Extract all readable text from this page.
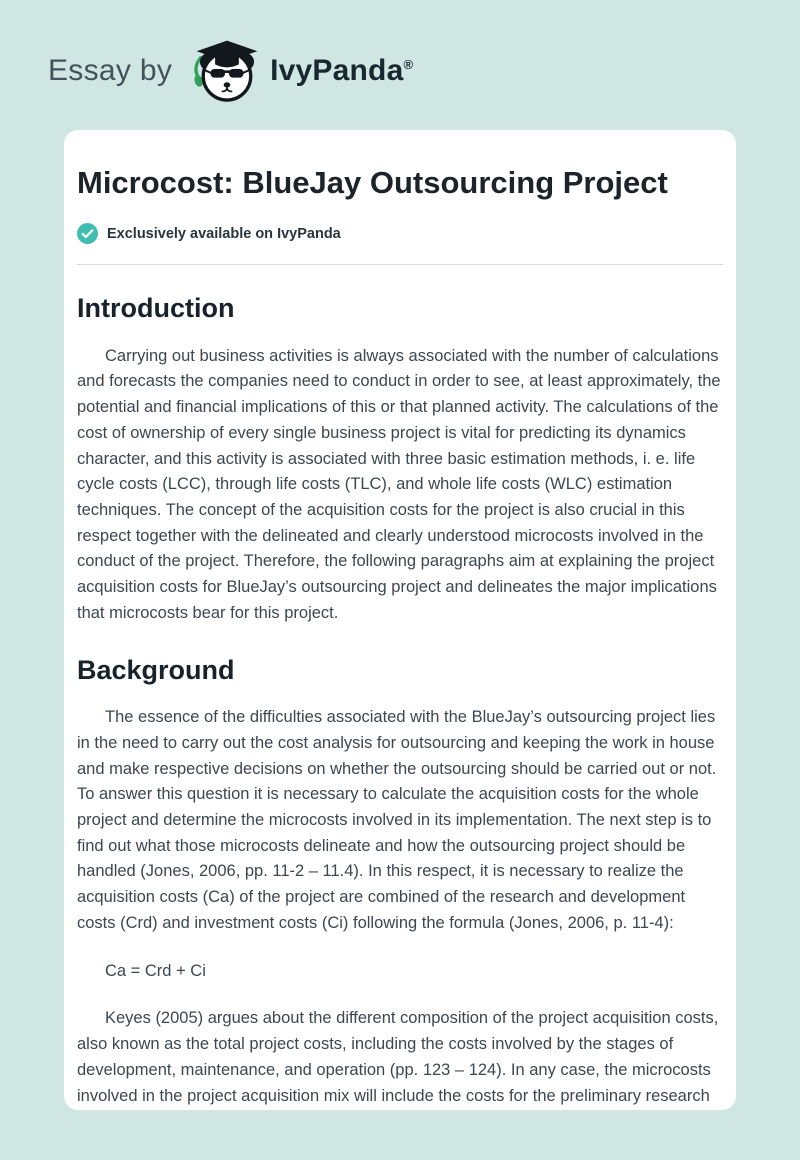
Essay by	IvyPanda®
Microcost: BlueJay Outsourcing Project
Exclusively available on IvyPanda
Introduction

Carrying out business activities is always associated with the number of calculations and forecasts the companies need to conduct in order to see, at least approximately, the potential and financial implications of this or that planned activity. The calculations of the cost of ownership of every single business project is vital for predicting its dynamics character, and this activity is associated with three basic estimation methods, i. e. life cycle costs (LCC), through life costs (TLC), and whole life costs (WLC) estimation techniques. The concept of the acquisition costs for the project is also crucial in this respect together with the delineated and clearly understood microcosts involved in the conduct of the project. Therefore, the following paragraphs aim at explaining the project acquisition costs for BlueJay’s outsourcing project and delineates the major implications that microcosts bear for this project.

Background

The essence of the difficulties associated with the BlueJay’s outsourcing project lies in the need to carry out the cost analysis for outsourcing and keeping the work in house and make respective decisions on whether the outsourcing should be carried out or not. To answer this question it is necessary to calculate the acquisition costs for the whole project and determine the microcosts involved in its implementation. The next step is to find out what those microcosts delineate and how the outsourcing project should be handled (Jones, 2006, pp. 11-2 – 11.4). In this respect, it is necessary to realize the acquisition costs (Ca) of the project are combined of the research and development costs (Crd) and investment costs (Ci) following the formula (Jones, 2006, p. 11-4):

Ca = Crd + Ci

Keyes (2005) argues about the different composition of the project acquisition costs, also known as the total project costs, including the costs involved by the stages of development, maintenance, and operation (pp. 123 – 124). In any case, the microcosts involved in the project acquisition mix will include the costs for the preliminary research
